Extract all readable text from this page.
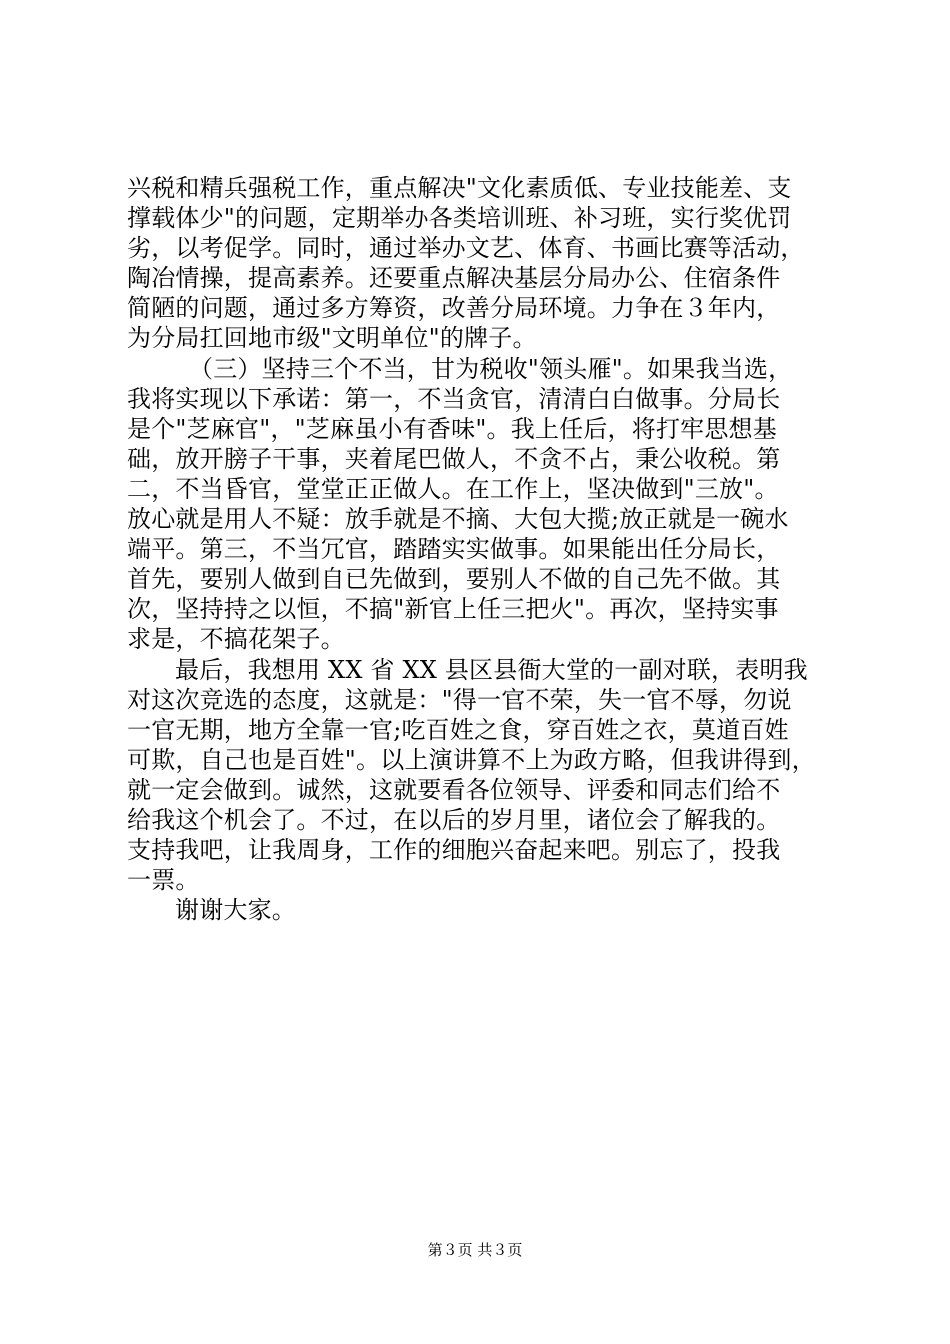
兴税和精兵强税工作，重点解决"文化素质低、专业技能差、支
撑载体少"的问题，定期举办各类培训班、补习班，实行奖优罚
劣，以考促学。同时，通过举办文艺、体育、书画比赛等活动，
陶冶情操，提高素养。还要重点解决基层分局办公、住宿条件
简陋的问题，通过多方筹资，改善分局环境。力争在３年内，
为分局扛回地市级"文明单位"的牌子。
（三）坚持三个不当，甘为税收"领头雁"。如果我当选，
我将实现以下承诺：第一，不当贪官，清清白白做事。分局长
是个"芝麻官"，"芝麻虽小有香味"。我上任后，将打牢思想基
础，放开膀子干事，夹着尾巴做人，不贪不占，秉公收税。第
二，不当昏官，堂堂正正做人。在工作上，坚决做到"三放"。
放心就是用人不疑：放手就是不摘、大包大揽;放正就是一碗水
端平。第三，不当冗官，踏踏实实做事。如果能出任分局长，
首先，要别人做到自已先做到，要别人不做的自己先不做。其
次，坚持持之以恒，不搞"新官上任三把火"。再次，坚持实事
求是，不搞花架子。
最后，我想用 XX 省 XX 县区县衙大堂的一副对联，表明我
对这次竞选的态度，这就是："得一官不荣，失一官不辱，勿说
一官无期，地方全靠一官;吃百姓之食，穿百姓之衣，莫道百姓
可欺，自己也是百姓"。以上演讲算不上为政方略，但我讲得到，
就一定会做到。诚然，这就要看各位领导、评委和同志们给不
给我这个机会了。不过，在以后的岁月里，诸位会了解我的。
支持我吧，让我周身，工作的细胞兴奋起来吧。别忘了，投我
一票。
谢谢大家。
第３页 共３页
